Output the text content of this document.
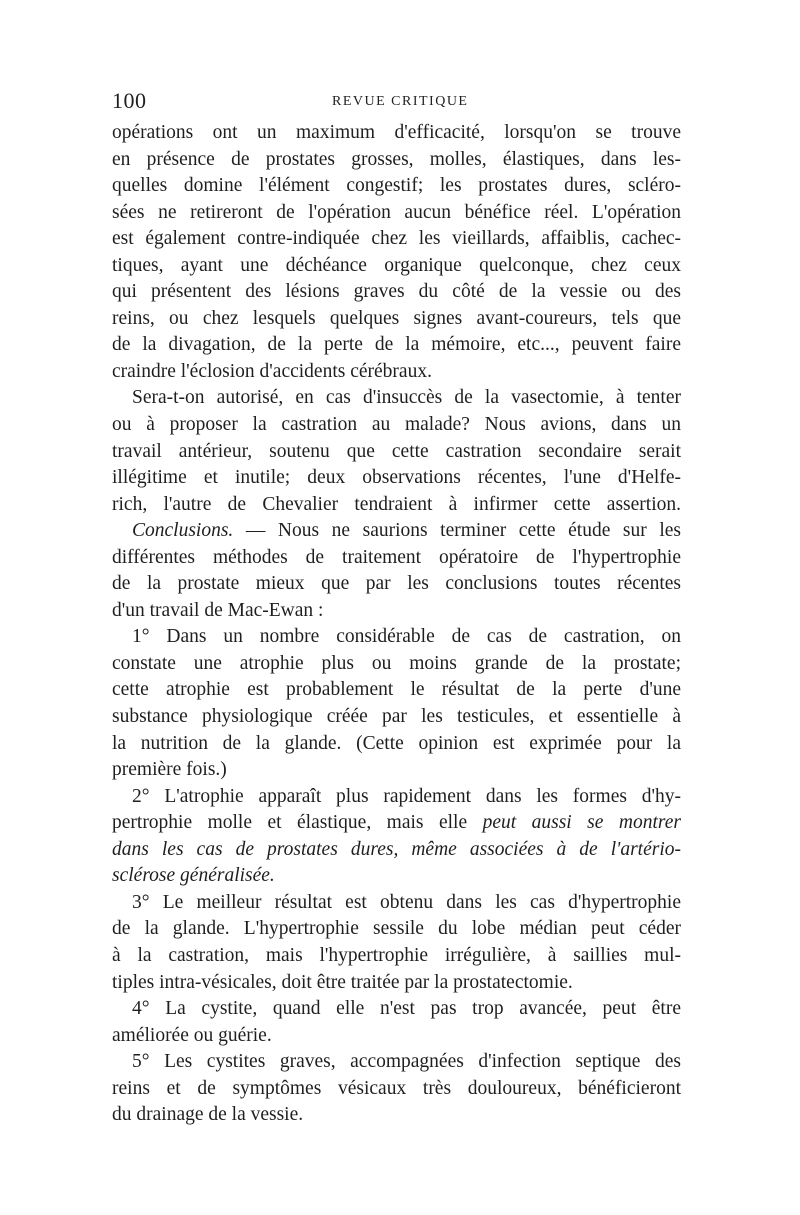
100	REVUE CRITIQUE
opérations ont un maximum d'efficacité, lorsqu'on se trouve
en présence de prostates grosses, molles, élastiques, dans les-
quelles domine l'élément congestif; les prostates dures, scléro-
sées ne retireront de l'opération aucun bénéfice réel. L'opération
est également contre-indiquée chez les vieillards, affaiblis, cachec-
tiques, ayant une déchéance organique quelconque, chez ceux
qui présentent des lésions graves du côté de la vessie ou des
reins, ou chez lesquels quelques signes avant-coureurs, tels que
de la divagation, de la perte de la mémoire, etc..., peuvent faire
craindre l'éclosion d'accidents cérébraux.
Sera-t-on autorisé, en cas d'insuccès de la vasectomie, à tenter
ou à proposer la castration au malade? Nous avions, dans un
travail antérieur, soutenu que cette castration secondaire serait
illégitime et inutile; deux observations récentes, l'une d'Helfe-
rich, l'autre de Chevalier tendraient à infirmer cette assertion.
Conclusions. — Nous ne saurions terminer cette étude sur les
différentes méthodes de traitement opératoire de l'hypertrophie
de la prostate mieux que par les conclusions toutes récentes
d'un travail de Mac-Ewan :
1° Dans un nombre considérable de cas de castration, on
constate une atrophie plus ou moins grande de la prostate;
cette atrophie est probablement le résultat de la perte d'une
substance physiologique créée par les testicules, et essentielle à
la nutrition de la glande. (Cette opinion est exprimée pour la
première fois.)
2° L'atrophie apparaît plus rapidement dans les formes d'hy-
pertrophie molle et élastique, mais elle peut aussi se montrer
dans les cas de prostates dures, même associées à de l'artério-
sclérose généralisée.
3° Le meilleur résultat est obtenu dans les cas d'hypertrophie
de la glande. L'hypertrophie sessile du lobe médian peut céder
à la castration, mais l'hypertrophie irrégulière, à saillies mul-
tiples intra-vésicales, doit être traitée par la prostatectomie.
4° La cystite, quand elle n'est pas trop avancée, peut être
améliorée ou guérie.
5° Les cystites graves, accompagnées d'infection septique des
reins et de symptômes vésicaux très douloureux, bénéficieront
du drainage de la vessie.
